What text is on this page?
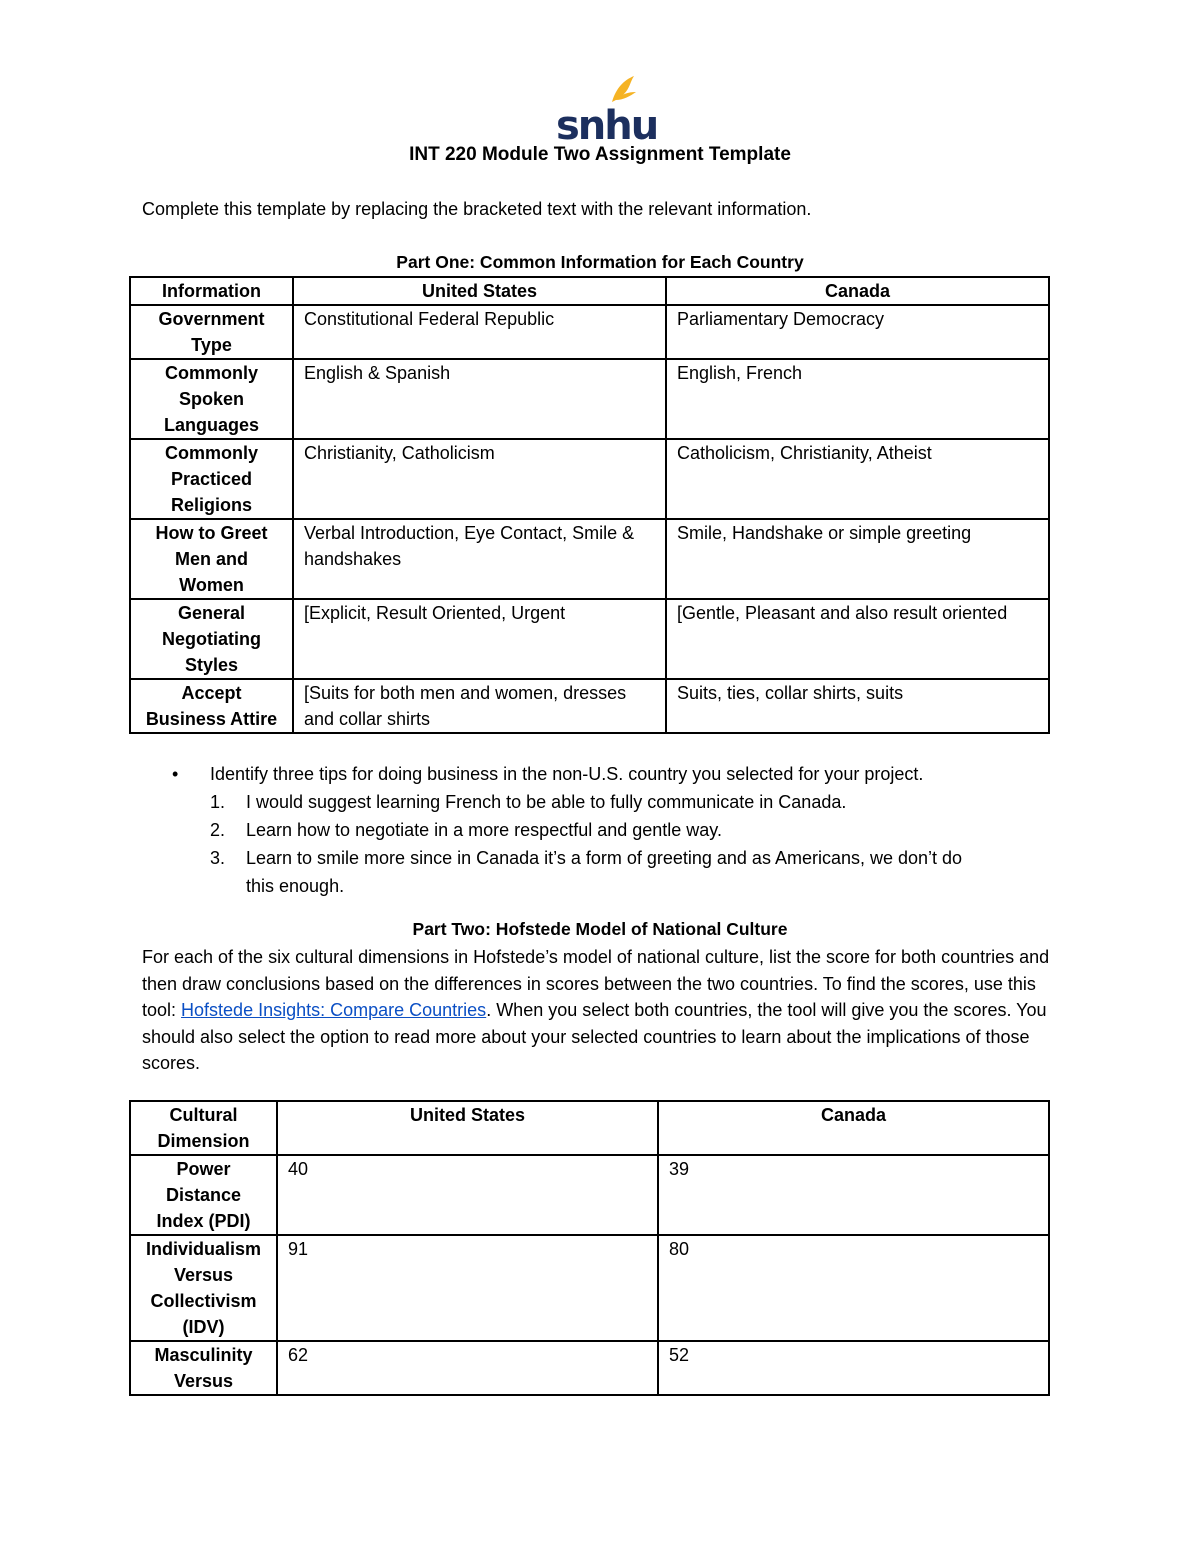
snhu
INT 220 Module Two Assignment Template
Complete this template by replacing the bracketed text with the relevant information.
Part One: Common Information for Each Country
Information	United States	Canada
Government Type	Constitutional Federal Republic	Parliamentary Democracy
Commonly Spoken Languages	English & Spanish	English, French
Commonly Practiced Religions	Christianity, Catholicism	Catholicism, Christianity, Atheist
How to Greet Men and Women	Verbal Introduction, Eye Contact, Smile & handshakes	Smile, Handshake or simple greeting
General Negotiating Styles	[Explicit, Result Oriented, Urgent	[Gentle, Pleasant and also result oriented
Accept Business Attire	[Suits for both men and women, dresses and collar shirts	Suits, ties, collar shirts, suits
• Identify three tips for doing business in the non-U.S. country you selected for your project.
1. I would suggest learning French to be able to fully communicate in Canada.
2. Learn how to negotiate in a more respectful and gentle way.
3. Learn to smile more since in Canada it’s a form of greeting and as Americans, we don’t do this enough.
Part Two: Hofstede Model of National Culture
For each of the six cultural dimensions in Hofstede’s model of national culture, list the score for both countries and then draw conclusions based on the differences in scores between the two countries. To find the scores, use this tool: Hofstede Insights: Compare Countries. When you select both countries, the tool will give you the scores. You should also select the option to read more about your selected countries to learn about the implications of those scores.
Cultural Dimension	United States	Canada
Power Distance Index (PDI)	40	39
Individualism Versus Collectivism (IDV)	91	80
Masculinity Versus	62	52
